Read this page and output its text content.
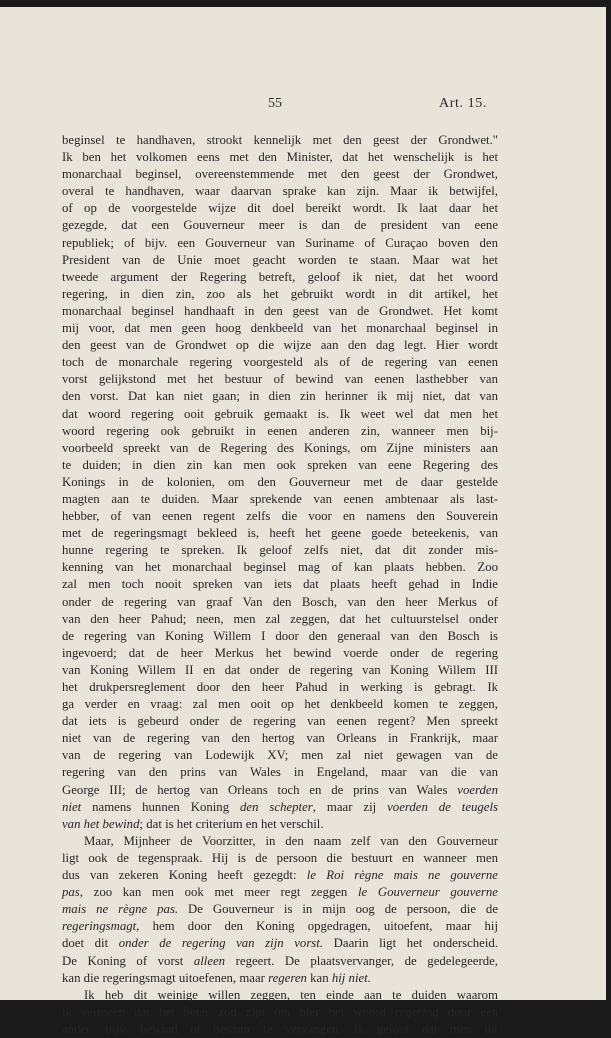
55	Art. 15.
beginsel te handhaven, strookt kennelijk met den geest der Grondwet."
Ik ben het volkomen eens met den Minister, dat het wenschelijk is het
monarchaal beginsel, overeenstemmende met den geest der Grondwet,
overal te handhaven, waar daarvan sprake kan zijn. Maar ik betwijfel,
of op de voorgestelde wijze dit doel bereikt wordt. Ik laat daar het
gezegde, dat een Gouverneur meer is dan de president van eene
republiek; of bijv. een Gouverneur van Suriname of Curaçao boven den
President van de Unie moet geacht worden te staan. Maar wat het
tweede argument der Regering betreft, geloof ik niet, dat het woord
regering, in dien zin, zoo als het gebruikt wordt in dit artikel, het
monarchaal beginsel handhaaft in den geest van de Grondwet. Het komt
mij voor, dat men geen hoog denkbeeld van het monarchaal beginsel in
den geest van de Grondwet op die wijze aan den dag legt. Hier wordt
toch de monarchale regering voorgesteld als of de regering van eenen
vorst gelijkstond met het bestuur of bewind van eenen lasthebber van
den vorst. Dat kan niet gaan; in dien zin herinner ik mij niet, dat van
dat woord regering ooit gebruik gemaakt is. Ik weet wel dat men het
woord regering ook gebruikt in eenen anderen zin, wanneer men bij-
voorbeeld spreekt van de Regering des Konings, om Zijne ministers aan
te duiden; in dien zin kan men ook spreken van eene Regering des
Konings in de kolonien, om den Gouverneur met de daar gestelde
magten aan te duiden. Maar sprekende van eenen ambtenaar als last-
hebber, of van eenen regent zelfs die voor en namens den Souverein
met de regeringsmagt bekleed is, heeft het geene goede beteekenis, van
hunne regering te spreken. Ik geloof zelfs niet, dat dit zonder mis-
kenning van het monarchaal beginsel mag of kan plaats hebben. Zoo
zal men toch nooit spreken van iets dat plaats heeft gehad in Indie
onder de regering van graaf Van den Bosch, van den heer Merkus of
van den heer Pahud; neen, men zal zeggen, dat het cultuurstelsel onder
de regering van Koning Willem I door den generaal van den Bosch is
ingevoerd; dat de heer Merkus het bewind voerde onder de regering
van Koning Willem II en dat onder de regering van Koning Willem III
het drukpersreglement door den heer Pahud in werking is gebragt. Ik
ga verder en vraag: zal men ooit op het denkbeeld komen te zeggen,
dat iets is gebeurd onder de regering van eenen regent? Men spreekt
niet van de regering van den hertog van Orleans in Frankrijk, maar
van de regering van Lodewijk XV; men zal niet gewagen van de
regering van den prins van Wales in Engeland, maar van die van
George III; de hertog van Orleans toch en de prins van Wales voerden
niet namens hunnen Koning den schepter, maar zij voerden de teugels
van het bewind; dat is het criterium en het verschil.
Maar, Mijnheer de Voorzitter, in den naam zelf van den Gouverneur
ligt ook de tegenspraak. Hij is de persoon die bestuurt en wanneer men
dus van zekeren Koning heeft gezegdt: le Roi règne mais ne gouverne
pas, zoo kan men ook met meer regt zeggen le Gouverneur gouverne
mais ne règne pas. De Gouverneur is in mijn oog de persoon, die de
regeringsmagt, hem door den Koning opgedragen, uitoefent, maar hij
doet dit onder de regering van zijn vorst. Daarin ligt het onderscheid.
De Koning of vorst alleen regeert. De plaatsvervanger, de gedelegeerde,
kan die regeringsmagt uitoefenen, maar regeren kan hij niet.
Ik heb dit weinige willen zeggen, ten einde aan te duiden waarom
ik vermeen dat het beter zou zijn om hier het woord regering door een
ander, bijv. bewind of bestuur te vervangen. Ik geloof dat men dit
